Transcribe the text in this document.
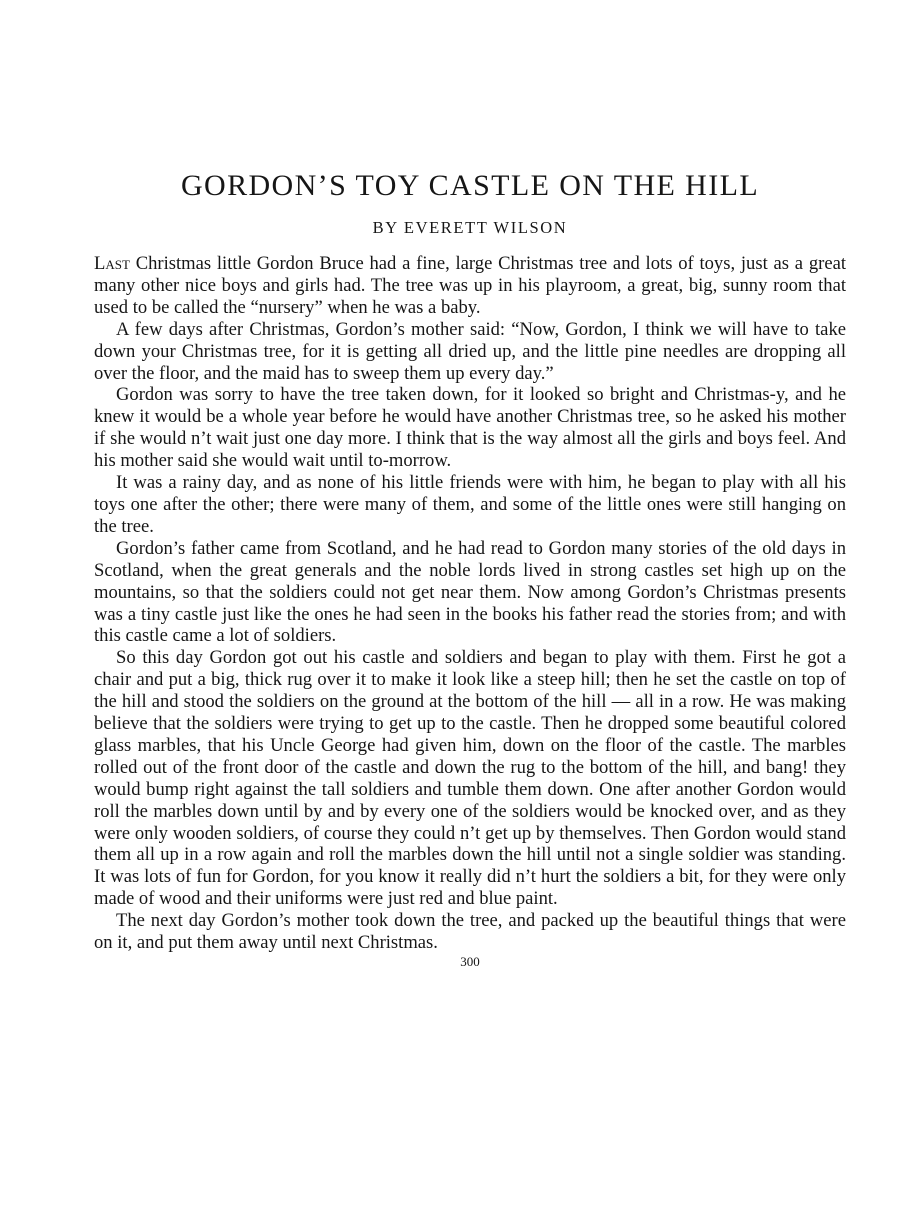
GORDON’S TOY CASTLE ON THE HILL
BY EVERETT WILSON

Last Christmas little Gordon Bruce had a fine, large Christmas tree and lots of toys, just as a great many other nice boys and girls had. The tree was up in his playroom, a great, big, sunny room that used to be called the “nursery” when he was a baby.

A few days after Christmas, Gordon’s mother said: “Now, Gordon, I think we will have to take down your Christmas tree, for it is getting all dried up, and the little pine needles are dropping all over the floor, and the maid has to sweep them up every day.”

Gordon was sorry to have the tree taken down, for it looked so bright and Christmas-y, and he knew it would be a whole year before he would have another Christmas tree, so he asked his mother if she would n’t wait just one day more. I think that is the way almost all the girls and boys feel. And his mother said she would wait until to-morrow.

It was a rainy day, and as none of his little friends were with him, he began to play with all his toys one after the other; there were many of them, and some of the little ones were still hanging on the tree.

Gordon’s father came from Scotland, and he had read to Gordon many stories of the old days in Scotland, when the great generals and the noble lords lived in strong castles set high up on the mountains, so that the soldiers could not get near them. Now among Gordon’s Christmas presents was a tiny castle just like the ones he had seen in the books his father read the stories from; and with this castle came a lot of soldiers.

So this day Gordon got out his castle and soldiers and began to play with them. First he got a chair and put a big, thick rug over it to make it look like a steep hill; then he set the castle on top of the hill and stood the soldiers on the ground at the bottom of the hill — all in a row. He was making believe that the soldiers were trying to get up to the castle. Then he dropped some beautiful colored glass marbles, that his Uncle George had given him, down on the floor of the castle. The marbles rolled out of the front door of the castle and down the rug to the bottom of the hill, and bang! they would bump right against the tall soldiers and tumble them down. One after another Gordon would roll the marbles down until by and by every one of the soldiers would be knocked over, and as they were only wooden soldiers, of course they could n’t get up by themselves. Then Gordon would stand them all up in a row again and roll the marbles down the hill until not a single soldier was standing. It was lots of fun for Gordon, for you know it really did n’t hurt the soldiers a bit, for they were only made of wood and their uniforms were just red and blue paint.

The next day Gordon’s mother took down the tree, and packed up the beautiful things that were on it, and put them away until next Christmas.

300
